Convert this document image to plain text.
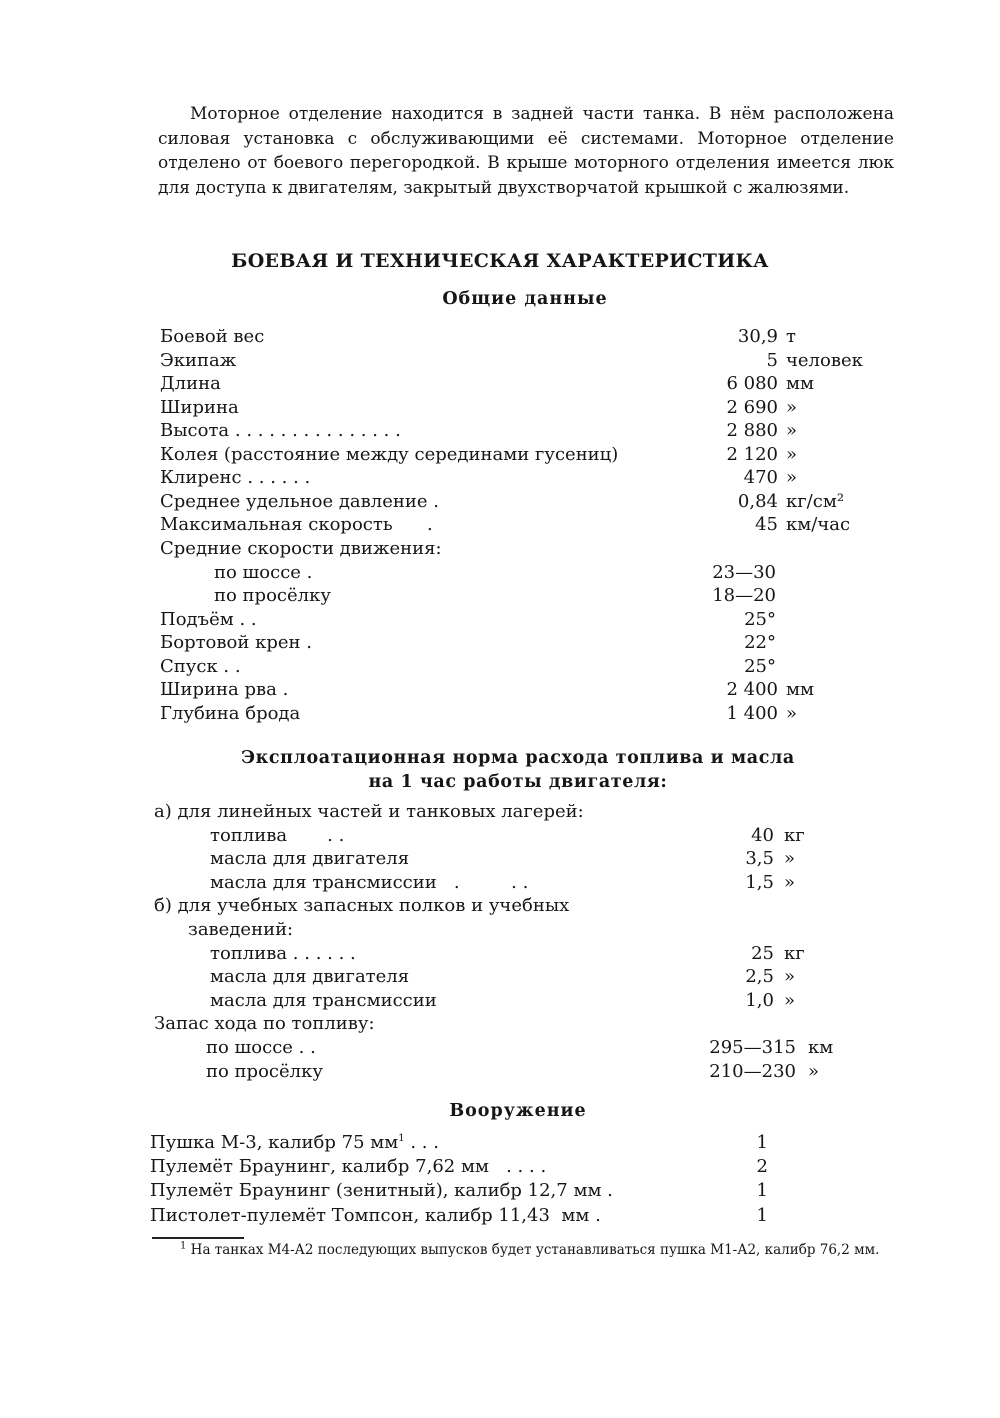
Моторное отделение находится в задней части танка. В нём расположена силовая установка с обслуживающими её системами. Моторное отделение отделено от боевого перегородкой. В крыше моторного отделения имеется люк для доступа к двигателям, закрытый двухстворчатой крышкой с жалюзями.

БОЕВАЯ И ТЕХНИЧЕСКАЯ ХАРАКТЕРИСТИКА
Общие данные
Боевой вес	30,9 т
Экипаж	5 человек
Длина	6 080 мм
Ширина	2 690 »
Высота . . . . . . . . . . . . . . .	2 880 »
Колея (расстояние между серединами гусениц)	2 120 »
Клиренс . . . . . .	470 »
Среднее удельное давление .	0,84 кг/см²
Максимальная скорость      .	45 км/час
Средние скорости движения:
по шоссе .	23—30
по просёлку	18—20
Подъём . .	25°
Бортовой крен .	22°
Спуск . .	25°
Ширина рва .	2 400 мм
Глубина брода	1 400 »
Эксплоатационная норма расхода топлива и масла
на 1 час работы двигателя:
а) для линейных частей и танковых лагерей:
топлива       . .	40 кг
масла для двигателя	3,5 »
масла для трансмиссии   .         . .	1,5 »
б) для учебных запасных полков и учебных
заведений:
топлива . . . . . .	25 кг
масла для двигателя	2,5 »
масла для трансмиссии	1,0 »
Запас хода по топливу:
по шоссе . .	295—315 км
по просёлку	210—230 »
Вооружение
Пушка М-3, калибр 75 $мм^1$ . . .	1
Пулемёт Браунинг, калибр 7,62 мм   . . . .	2
Пулемёт Браунинг (зенитный), калибр 12,7 мм .	1
Пистолет-пулемёт Томпсон, калибр 11,43  мм .	1

$^1$ На танках М4-А2 последующих выпусков будет устанавливаться пушка М1-А2, калибр 76,2 мм.
